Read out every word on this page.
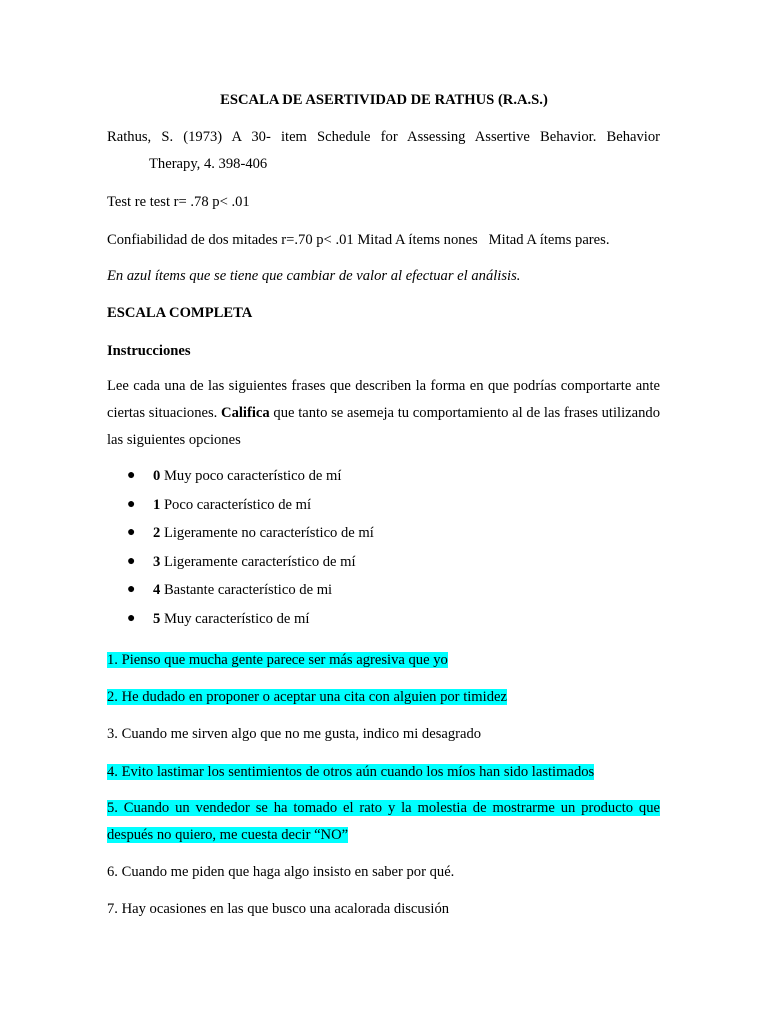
ESCALA DE ASERTIVIDAD DE RATHUS (R.A.S.)

Rathus, S. (1973) A 30- item Schedule for Assessing Assertive Behavior. Behavior
Therapy, 4. 398-406

Test re test r= .78 p< .01

Confiabilidad de dos mitades r=.70 p< .01 Mitad A ítems nones   Mitad A ítems pares.

En azul ítems que se tiene que cambiar de valor al efectuar el análisis.

ESCALA COMPLETA

Instrucciones

Lee cada una de las siguientes frases que describen la forma en que podrías comportarte ante ciertas situaciones. Califica que tanto se asemeja tu comportamiento al de las frases utilizando las siguientes opciones

● 0 Muy poco característico de mí
● 1 Poco característico de mí
● 2 Ligeramente no característico de mí
● 3 Ligeramente característico de mí
● 4 Bastante característico de mi
● 5 Muy característico de mí

1. Pienso que mucha gente parece ser más agresiva que yo

2. He dudado en proponer o aceptar una cita con alguien por timidez

3. Cuando me sirven algo que no me gusta, indico mi desagrado

4. Evito lastimar los sentimientos de otros aún cuando los míos han sido lastimados

5. Cuando un vendedor se ha tomado el rato y la molestia de mostrarme un producto que después no quiero, me cuesta decir “NO”

6. Cuando me piden que haga algo insisto en saber por qué.

7. Hay ocasiones en las que busco una acalorada discusión
